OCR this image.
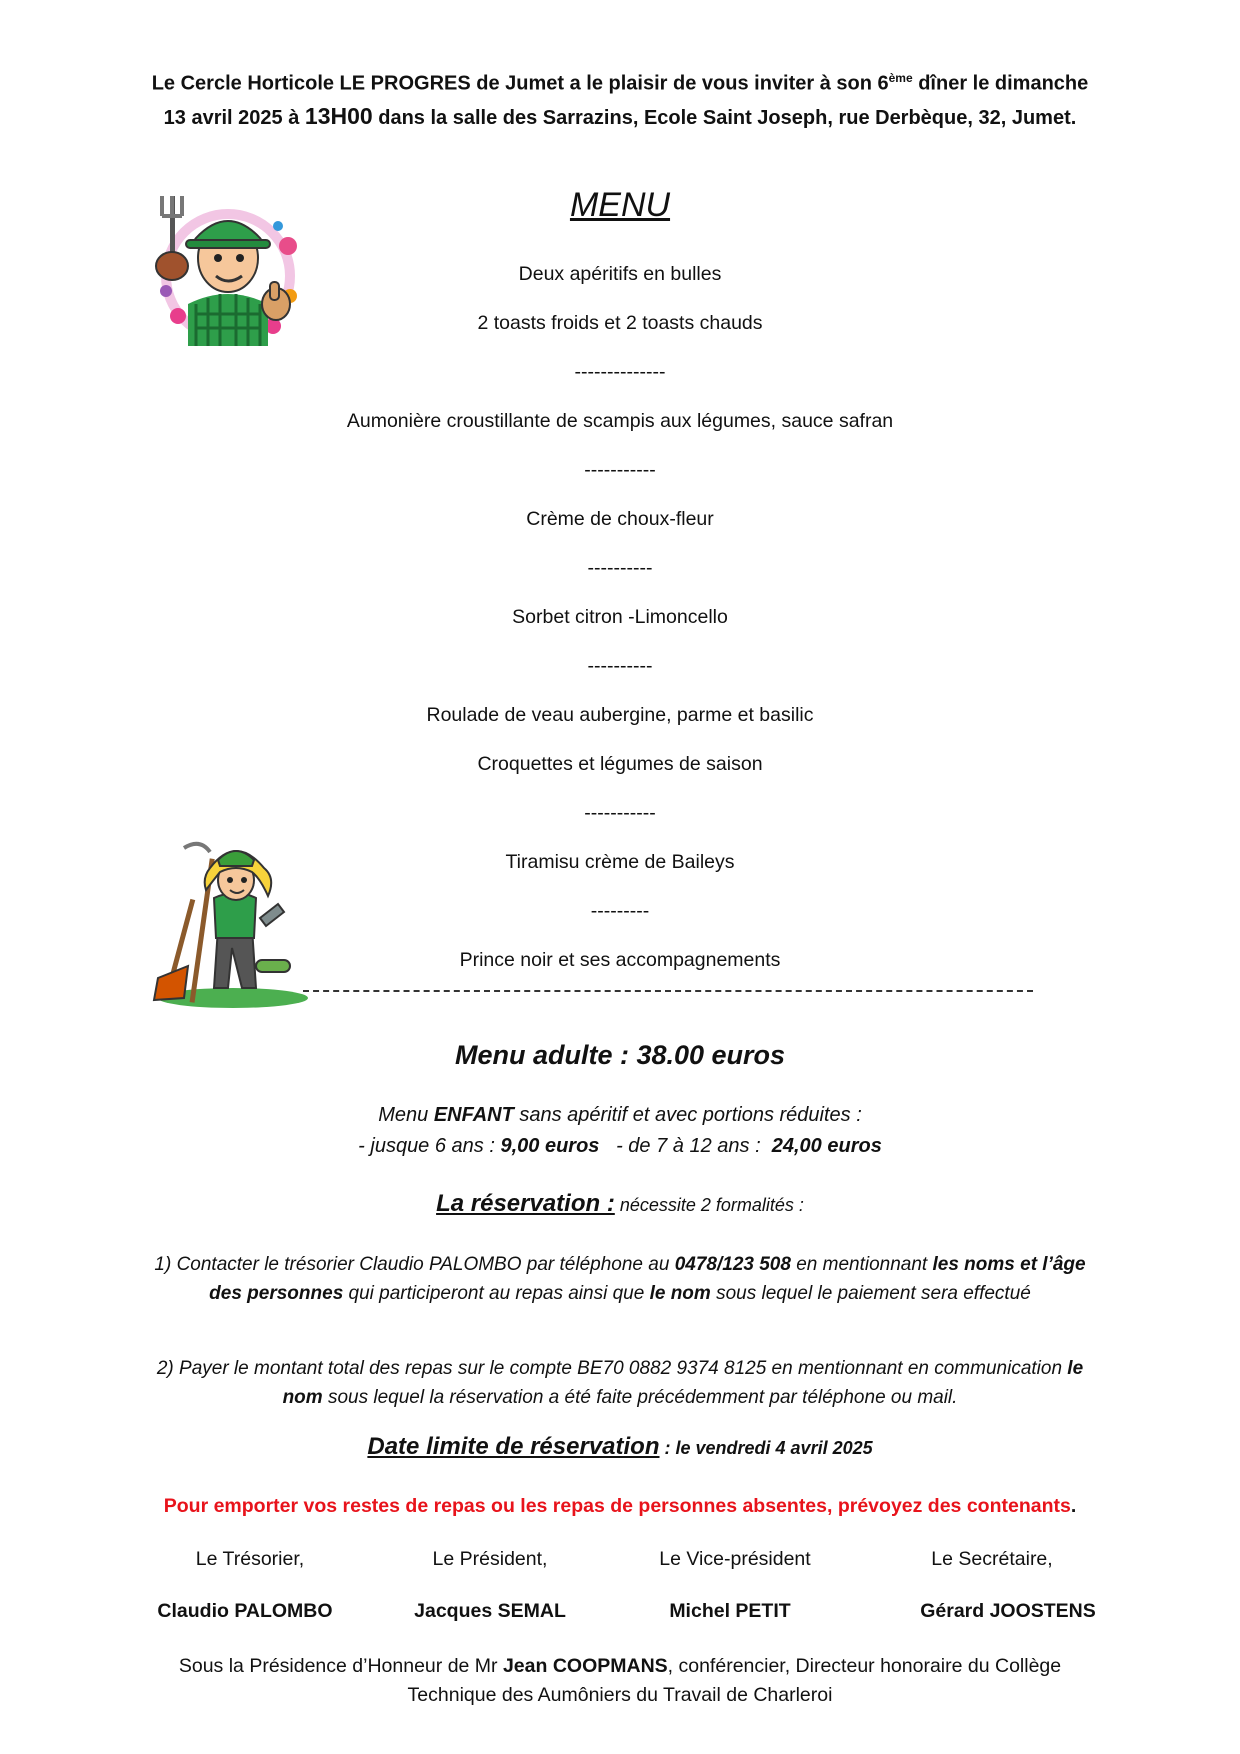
Le Cercle Horticole LE PROGRES de Jumet a le plaisir de vous inviter à son 6ème dîner le dimanche 13 avril 2025 à 13H00 dans la salle des Sarrazins, Ecole Saint Joseph, rue Derbèque, 32, Jumet.
MENU
Deux apéritifs en bulles
2 toasts froids et 2 toasts chauds
--------------
Aumonière croustillante de scampis aux légumes, sauce safran
-----------
Crème de choux-fleur
----------
Sorbet citron -Limoncello
----------
Roulade de veau aubergine, parme et basilic
Croquettes et légumes de saison
-----------
Tiramisu crème de Baileys
---------
Prince noir et ses accompagnements
Menu adulte : 38.00 euros
Menu ENFANT sans apéritif et avec portions réduites :
- jusque 6 ans : 9,00 euros   - de 7 à 12 ans :  24,00 euros
La réservation : nécessite 2 formalités :
1) Contacter le trésorier Claudio PALOMBO par téléphone au 0478/123 508 en mentionnant les noms et l’âge des personnes qui participeront au repas ainsi que le nom sous lequel le paiement sera effectué
2) Payer le montant total des repas sur le compte BE70 0882 9374 8125 en mentionnant en communication le nom sous lequel la réservation a été faite précédemment par téléphone ou mail.
Date limite de réservation : le vendredi 4 avril 2025
Pour emporter vos restes de repas ou les repas de personnes absentes, prévoyez des contenants.
Le Trésorier,	Le Président,	Le Vice-président	Le Secrétaire,
Claudio PALOMBO	Jacques SEMAL	Michel PETIT	Gérard JOOSTENS
Sous la Présidence d’Honneur de Mr Jean COOPMANS, conférencier, Directeur honoraire du Collège Technique des Aumôniers du Travail de Charleroi
